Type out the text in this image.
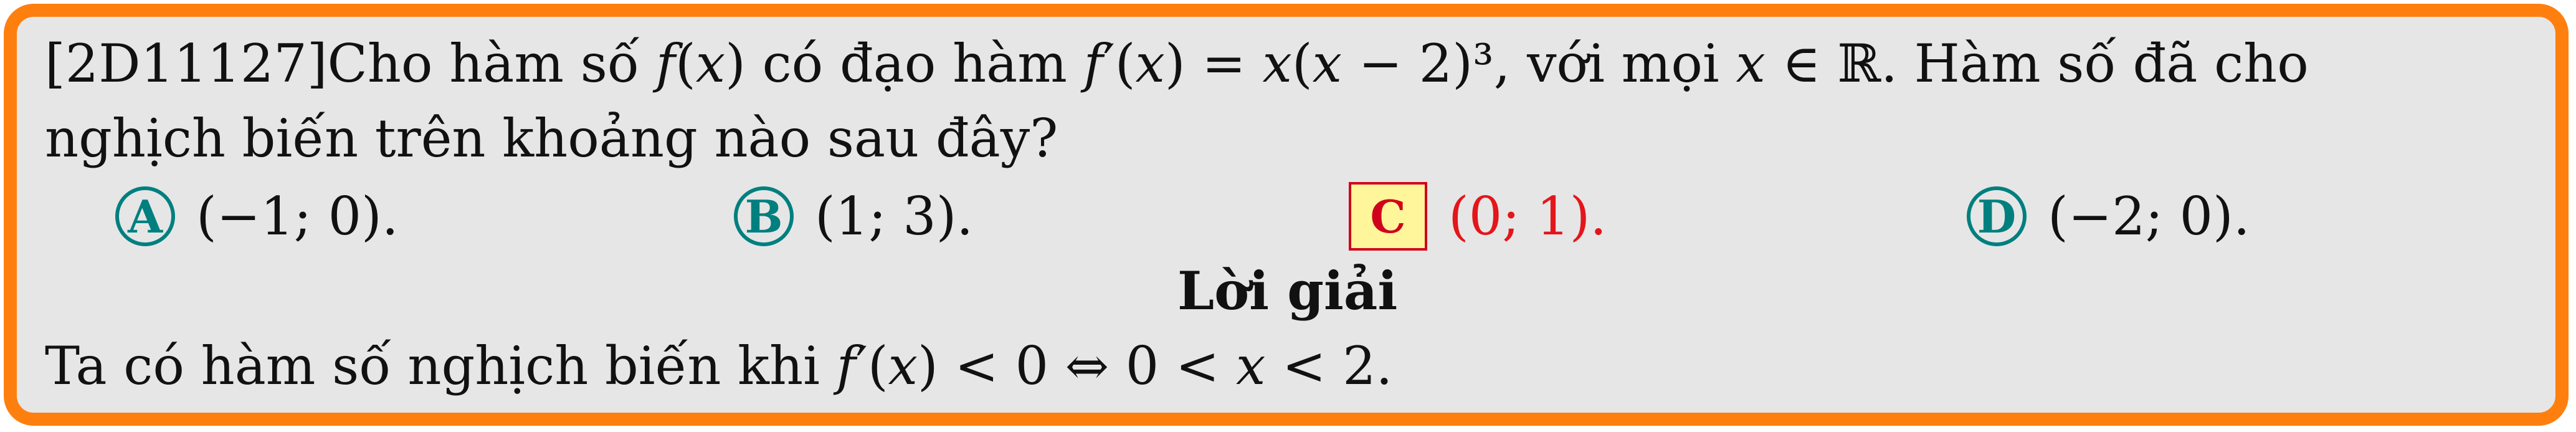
[2D11127]Cho hàm số 𝑓(𝑥) có đạo hàm 𝑓′(𝑥) = 𝑥(𝑥 − 2)³, với mọi 𝑥 ∈ ℝ. Hàm số đã cho
nghịch biến trên khoảng nào sau đây?
A (−1; 0).	B (1; 3).	C (0; 1).	D (−2; 0).
Lời giải
Ta có hàm số nghịch biến khi 𝑓′(𝑥) < 0 ⇔ 0 < 𝑥 < 2.
